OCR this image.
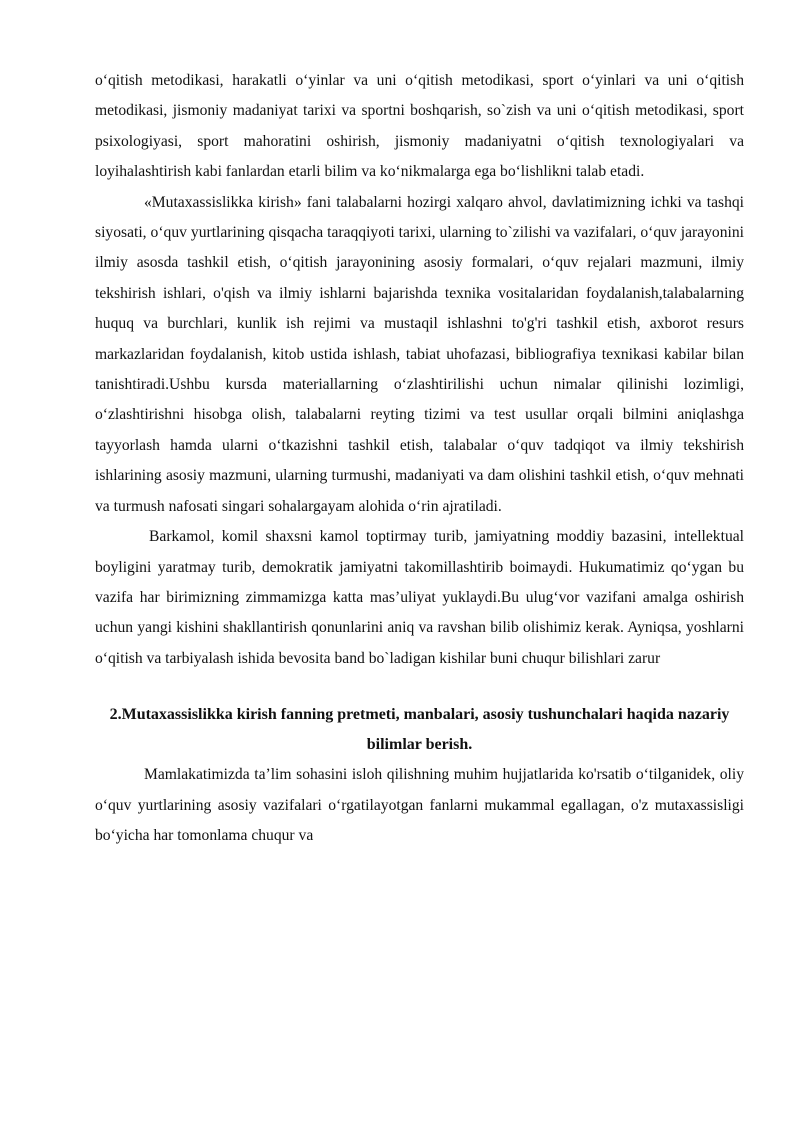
o‘qitish metodikasi, harakatli o‘yinlar va uni o‘qitish metodikasi, sport o‘yinlari va uni o‘qitish metodikasi, jismoniy madaniyat tarixi va sportni boshqarish, so`zish va uni o‘qitish metodikasi, sport psixologiyasi, sport mahoratini oshirish, jismoniy madaniyatni o‘qitish texnologiyalari va loyihalashtirish kabi fanlardan etarli bilim va ko‘nikmalarga ega bo‘lishlikni talab etadi.

«Mutaxassislikka kirish» fani talabalarni hozirgi xalqaro ahvol, davlatimizning ichki va tashqi siyosati, o‘quv yurtlarining qisqacha taraqqiyoti tarixi, ularning to`zilishi va vazifalari, o‘quv jarayonini ilmiy asosda tashkil etish, o‘qitish jarayonining asosiy formalari, o‘quv rejalari mazmuni, ilmiy tekshirish ishlari, o'qish va ilmiy ishlarni bajarishda texnika vositalaridan foydalanish,talabalarning huquq va burchlari, kunlik ish rejimi va mustaqil ishlashni to'g'ri tashkil etish, axborot resurs markazlaridan foydalanish, kitob ustida ishlash, tabiat uhofazasi, bibliografiya texnikasi kabilar bilan tanishtiradi.Ushbu kursda materiallarning o‘zlashtirilishi uchun nimalar qilinishi lozimligi, o‘zlashtirishni hisobga olish, talabalarni reyting tizimi va test usullar orqali bilmini aniqlashga tayyorlash hamda ularni o‘tkazishni tashkil etish, talabalar o‘quv tadqiqot va ilmiy tekshirish ishlarining asosiy mazmuni, ularning turmushi, madaniyati va dam olishini tashkil etish, o‘quv mehnati va turmush nafosati singari sohalargayam alohida o‘rin ajratiladi.

Barkamol, komil shaxsni kamol toptirmay turib, jamiyatning moddiy bazasini, intellektual boyligini yaratmay turib, demokratik jamiyatni takomillashtirib boimaydi. Hukumatimiz qo‘ygan bu vazifa har birimizning zimmamizga katta mas’uliyat yuklaydi.Bu ulug‘vor vazifani amalga oshirish uchun yangi kishini shakllantirish qonunlarini aniq va ravshan bilib olishimiz kerak. Ayniqsa, yoshlarni o‘qitish va tarbiyalash ishida bevosita band bo`ladigan kishilar buni chuqur bilishlari zarur

2.Mutaxassislikka kirish fanning pretmeti, manbalari, asosiy tushunchalari haqida nazariy bilimlar berish.

Mamlakatimizda ta’lim sohasini isloh qilishning muhim hujjatlarida ko'rsatib o‘tilganidek, oliy o‘quv yurtlarining asosiy vazifalari o‘rgatilayotgan fanlarni mukammal egallagan, o'z mutaxassisligi bo‘yicha har tomonlama chuqur va
